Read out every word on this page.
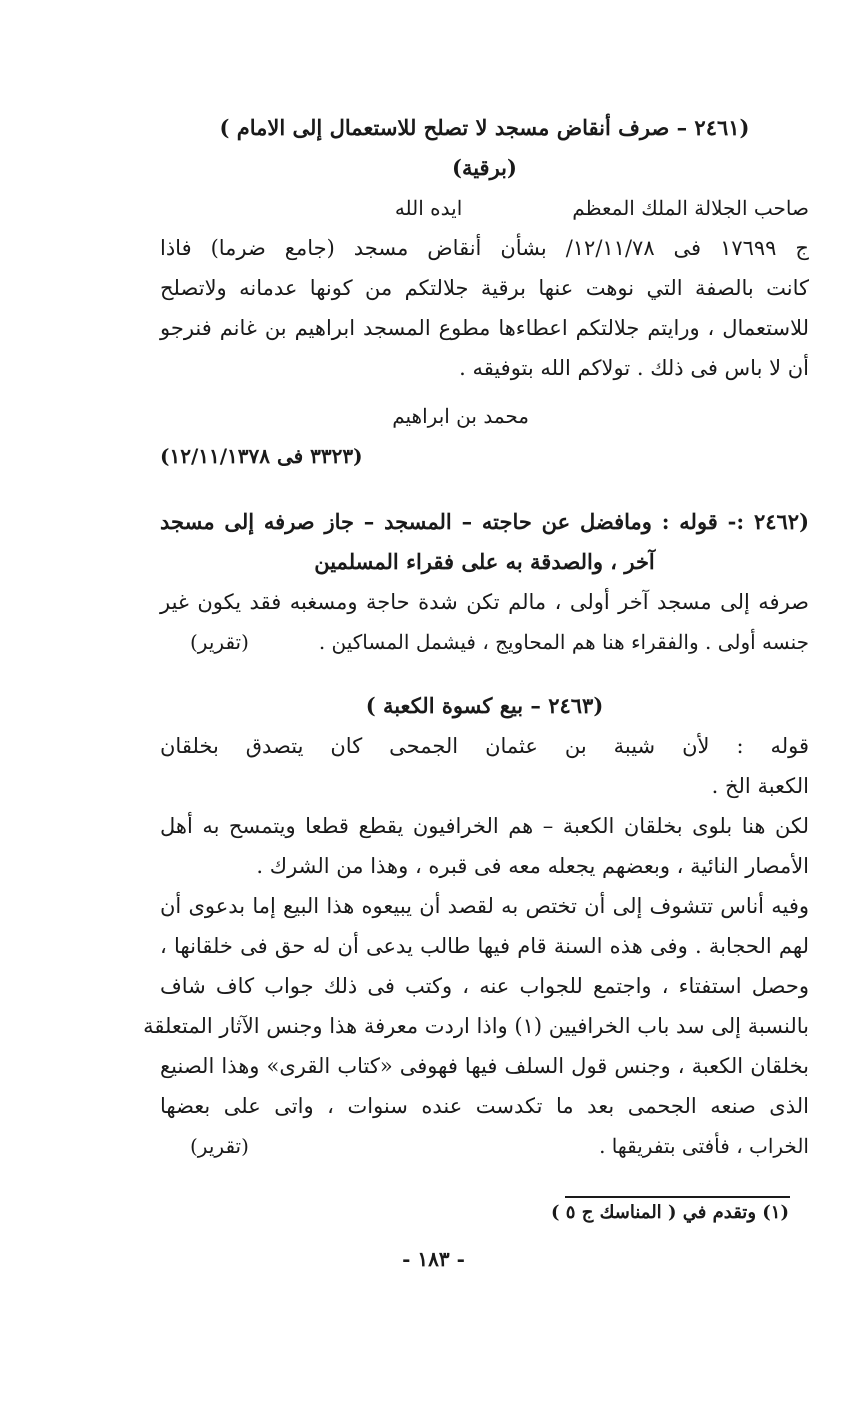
(٢٤٦١ – صرف أنقاض مسجد لا تصلح للاستعمال إلى الامام )
(برقية)
صاحب الجلالة الملك المعظم
ايده الله
ج ١٧٦٩٩ فى ١٢/١١/٧٨/ بشأن أنقاض مسجد (جامع ضرما) فاذا
كانت بالصفة التي نوهت عنها برقية جلالتكم من كونها عدمانه ولاتصلح
للاستعمال ، ورايتم جلالتكم اعطاءها مطوع المسجد ابراهيم بن غانم فنرجو
أن لا باس فى ذلك . تولاكم الله بتوفيقه .
محمد بن ابراهيم
(٣٣٢٣ فى ١٢/١١/١٣٧٨)
(٢٤٦٢ :- قوله : ومافضل عن حاجته – المسجد – جاز صرفه إلى مسجد
آخر ، والصدقة به على فقراء المسلمين
صرفه إلى مسجد آخر أولى ، مالم تكن شدة حاجة ومسغبه فقد يكون غير
جنسه أولى . والفقراء هنا هم المحاويج ، فيشمل المساكين .
(تقرير)
(٢٤٦٣ – بيع كسوة الكعبة )
قوله : لأن شيبة بن عثمان الجمحى كان يتصدق بخلقان
الكعبة الخ .
لكن هنا بلوى بخلقان الكعبة – هم الخرافيون يقطع قطعا ويتمسح به أهل
الأمصار النائية ، وبعضهم يجعله معه فى قبره ، وهذا من الشرك .
وفيه أناس تتشوف إلى أن تختص به لقصد أن يبيعوه هذا البيع إما بدعوى أن
لهم الحجابة . وفى هذه السنة قام فيها طالب يدعى أن له حق فى خلقانها ،
وحصل استفتاء ، واجتمع للجواب عنه ، وكتب فى ذلك جواب كاف شاف
بالنسبة إلى سد باب الخرافيين (١) واذا اردت معرفة هذا وجنس الآثار المتعلقة
بخلقان الكعبة ، وجنس قول السلف فيها فهوفى «كتاب القرى» وهذا الصنيع
الذى صنعه الجحمى بعد ما تكدست عنده سنوات ، واتى على بعضها
الخراب ، فأفتى بتفريقها .
(تقرير)
(١) وتقدم في ( المناسك ج ٥ )
- ١٨٣ -
